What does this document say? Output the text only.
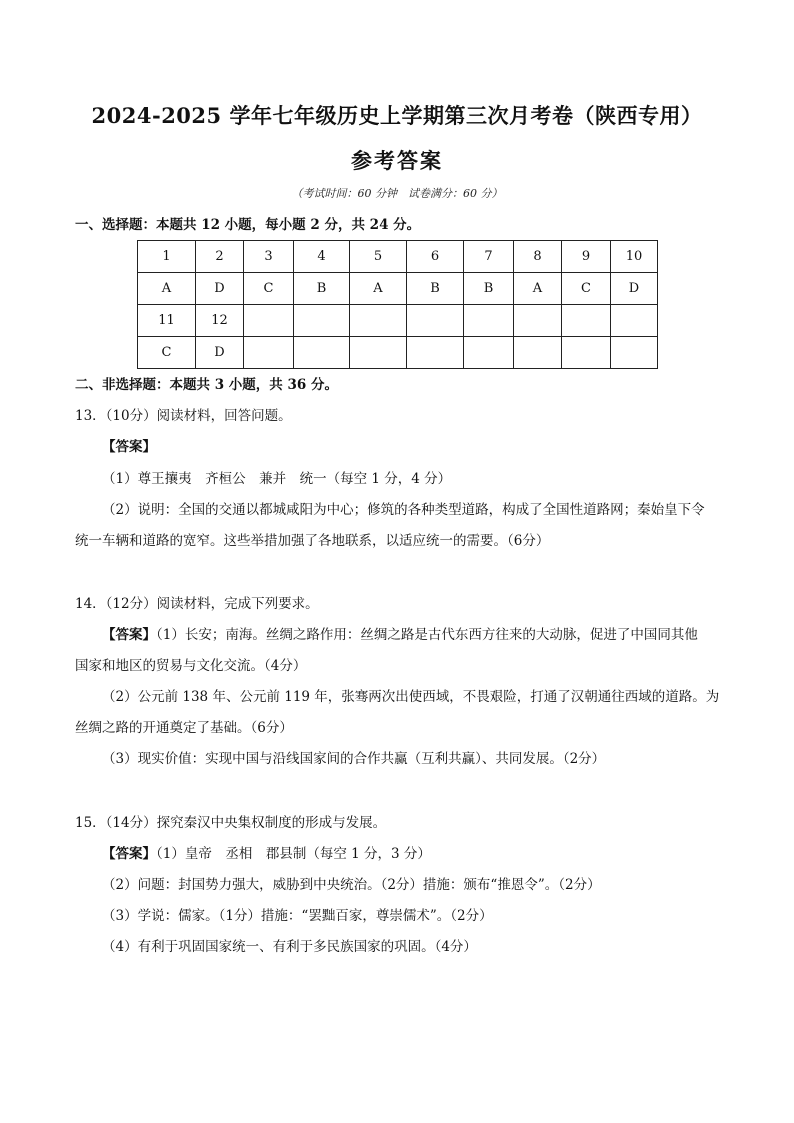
2024-2025 学年七年级历史上学期第三次月考卷（陕西专用）
参考答案
（考试时间：60 分钟　试卷满分：60 分）
一、选择题：本题共 12 小题，每小题 2 分，共 24 分。
1	2	3	4	5	6	7	8	9	10
A	D	C	B	A	B	B	A	C	D
11	12								
C	D								
二、非选择题：本题共 3 小题，共 36 分。
13．（10分）阅读材料，回答问题。
【答案】
（1）尊王攘夷　齐桓公　兼并　统一（每空 1 分，4 分）
（2）说明：全国的交通以都城咸阳为中心；修筑的各种类型道路，构成了全国性道路网；秦始皇下令
统一车辆和道路的宽窄。这些举措加强了各地联系，以适应统一的需要。（6分）
14．（12分）阅读材料，完成下列要求。
【答案】（1）长安；南海。丝绸之路作用：丝绸之路是古代东西方往来的大动脉，促进了中国同其他
国家和地区的贸易与文化交流。（4分）
（2）公元前 138 年、公元前 119 年，张骞两次出使西域，不畏艰险，打通了汉朝通往西域的道路。为
丝绸之路的开通奠定了基础。（6分）
（3）现实价值：实现中国与沿线国家间的合作共赢（互利共赢）、共同发展。（2分）
15．（14分）探究秦汉中央集权制度的形成与发展。
【答案】（1）皇帝　丞相　郡县制（每空 1 分，3 分）
（2）问题：封国势力强大，威胁到中央统治。（2分）措施：颁布“推恩令”。（2分）
（3）学说：儒家。（1分）措施：“罢黜百家，尊崇儒术”。（2分）
（4）有利于巩固国家统一、有利于多民族国家的巩固。（4分）
